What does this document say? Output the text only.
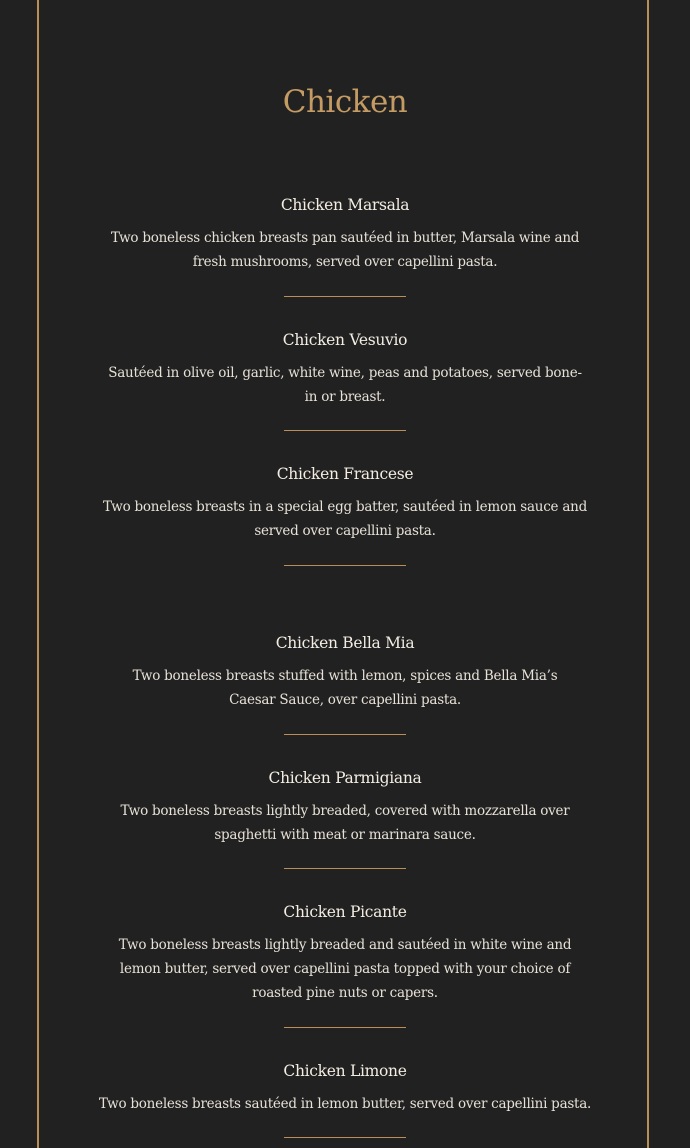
Chicken
Chicken Marsala
Two boneless chicken breasts pan sautéed in butter, Marsala wine and fresh mushrooms, served over capellini pasta.
Chicken Vesuvio
Sautéed in olive oil, garlic, white wine, peas and potatoes, served bone-in or breast.
Chicken Francese
Two boneless breasts in a special egg batter, sautéed in lemon sauce and served over capellini pasta.
Chicken Bella Mia
Two boneless breasts stuffed with lemon, spices and Bella Mia’s Caesar Sauce, over capellini pasta.
Chicken Parmigiana
Two boneless breasts lightly breaded, covered with mozzarella over spaghetti with meat or marinara sauce.
Chicken Picante
Two boneless breasts lightly breaded and sautéed in white wine and lemon butter, served over capellini pasta topped with your choice of roasted pine nuts or capers.
Chicken Limone
Two boneless breasts sautéed in lemon butter, served over capellini pasta.
